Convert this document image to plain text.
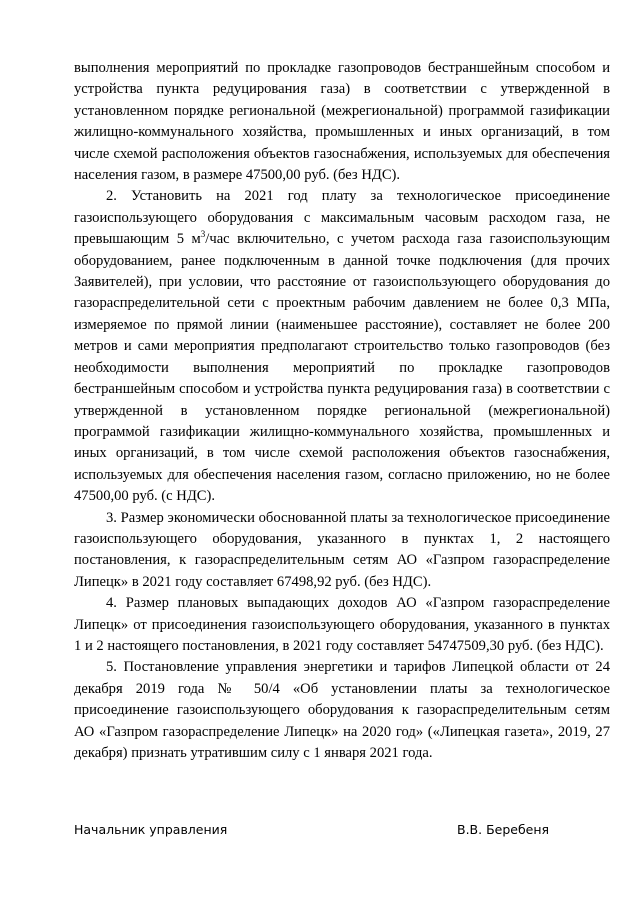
выполнения мероприятий по прокладке газопроводов бестраншейным способом и устройства пункта редуцирования газа) в соответствии с утвержденной в установленном порядке региональной (межрегиональной) программой газификации жилищно-коммунального хозяйства, промышленных и иных организаций, в том числе схемой расположения объектов газоснабжения, используемых для обеспечения населения газом, в размере 47500,00 руб. (без НДС).

2. Установить на 2021 год плату за технологическое присоединение газоиспользующего оборудования с максимальным часовым расходом газа, не превышающим 5 $м^3$/час включительно, с учетом расхода газа газоиспользующим оборудованием, ранее подключенным в данной точке подключения (для прочих Заявителей), при условии, что расстояние от газоиспользующего оборудования до газораспределительной сети с проектным рабочим давлением не более 0,3 МПа, измеряемое по прямой линии (наименьшее расстояние), составляет не более 200 метров и сами мероприятия предполагают строительство только газопроводов (без необходимости выполнения мероприятий по прокладке газопроводов бестраншейным способом и устройства пункта редуцирования газа) в соответствии с утвержденной в установленном порядке региональной (межрегиональной) программой газификации жилищно-коммунального хозяйства, промышленных и иных организаций, в том числе схемой расположения объектов газоснабжения, используемых для обеспечения населения газом, согласно приложению, но не более 47500,00 руб. (с НДС).

3. Размер экономически обоснованной платы за технологическое присоединение газоиспользующего оборудования, указанного в пунктах 1, 2 настоящего постановления, к газораспределительным сетям АО «Газпром газораспределение Липецк» в 2021 году составляет 67498,92 руб. (без НДС).

4. Размер плановых выпадающих доходов АО «Газпром газораспределение Липецк» от присоединения газоиспользующего оборудования, указанного в пунктах 1 и 2 настоящего постановления, в 2021 году составляет 54747509,30 руб. (без НДС).

5. Постановление управления энергетики и тарифов Липецкой области от 24 декабря 2019 года № 50/4 «Об установлении платы за технологическое присоединение газоиспользующего оборудования к газораспределительным сетям АО «Газпром газораспределение Липецк» на 2020 год» («Липецкая газета», 2019, 27 декабря) признать утратившим силу с 1 января 2021 года.

Начальник управления	В.В. Беребеня
